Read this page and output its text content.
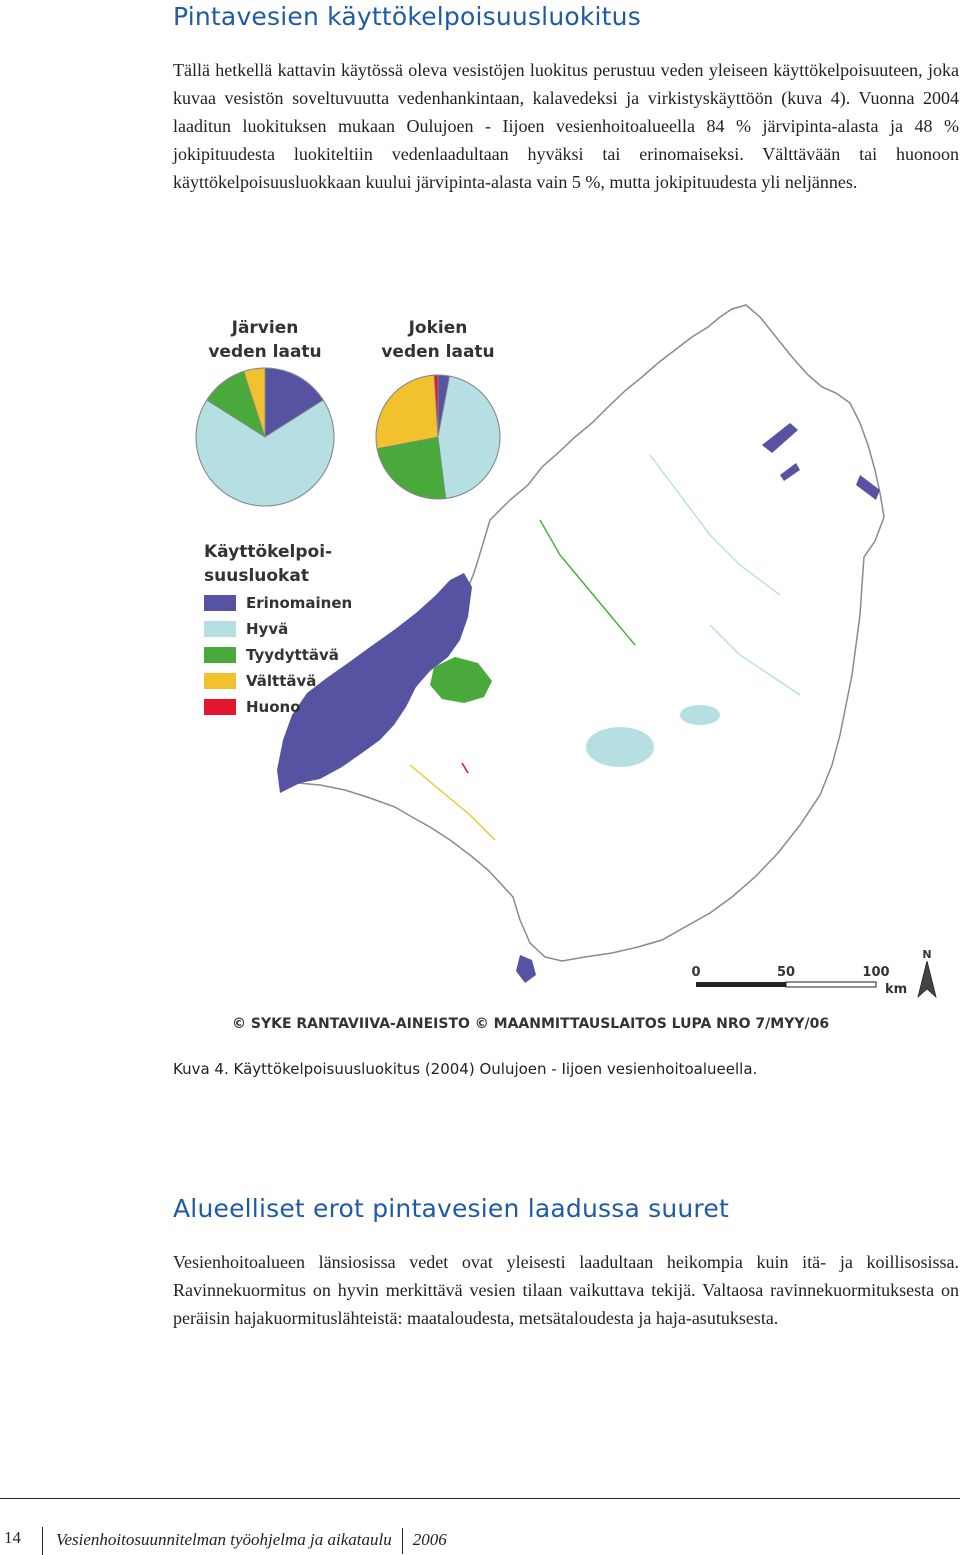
Pintavesien käyttökelpoisuusluokitus

Tällä hetkellä kattavin käytössä oleva vesistöjen luokitus perustuu veden yleiseen käyttökelpoisuuteen, joka kuvaa vesistön soveltuvuutta vedenhankintaan, kalavedeksi ja virkistyskäyttöön (kuva 4). Vuonna 2004 laaditun luokituksen mukaan Oulujoen - Iijoen vesienhoitoalueella 84 % järvipinta-alasta ja 48 % jokipituudesta luokiteltiin vedenlaadultaan hyväksi tai erinomaiseksi. Välttävään tai huonoon käyttökelpoisuusluokkaan kuului järvipinta-alasta vain 5 %, mutta jokipituudesta yli neljännes.

Järvien
veden laatu
Jokien
veden laatu
Käyttökelpoi-
suusluokat
Erinomainen
Hyvä
Tyydyttävä
Välttävä
Huono
0	50	100
km
N
© SYKE RANTAVIIVA-AINEISTO © MAANMITTAUSLAITOS LUPA NRO 7/MYY/06

Kuva 4. Käyttökelpoisuusluokitus (2004) Oulujoen - Iijoen vesienhoitoalueella.

Alueelliset erot pintavesien laadussa suuret

Vesienhoitoalueen länsiosissa vedet ovat yleisesti laadultaan heikompia kuin itä- ja koillisosissa. Ravinnekuormitus on hyvin merkittävä vesien tilaan vaikuttava tekijä. Valtaosa ravinnekuormituksesta on peräisin hajakuormituslähteistä: maataloudesta, metsätaloudesta ja haja-asutuksesta.

14 Vesienhoitosuunnitelman työohjelma ja aikataulu 2006
